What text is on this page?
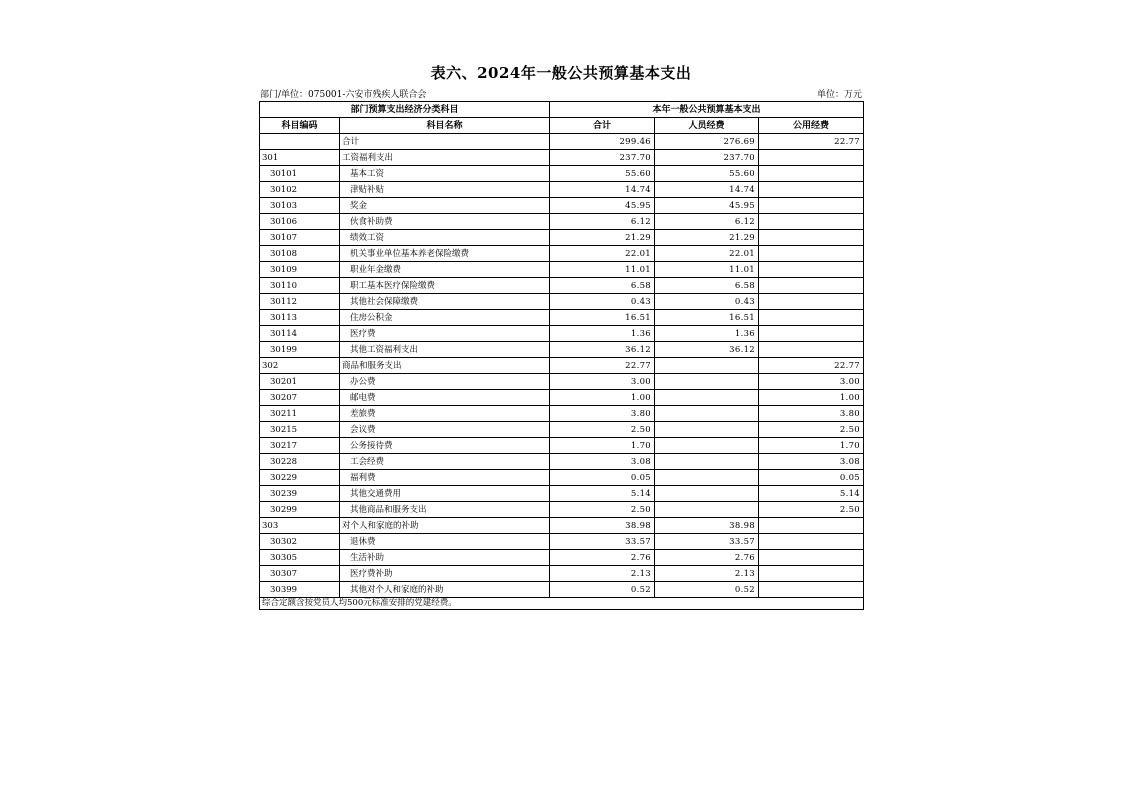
表六、2024年一般公共预算基本支出
部门/单位：075001-六安市残疾人联合会	单位：万元
部门预算支出经济分类科目		本年一般公共预算基本支出		
科目编码	科目名称	合计	人员经费	公用经费
	合计	299.46	276.69	22.77
301	工资福利支出	237.70	237.70	
30101	基本工资	55.60	55.60	
30102	津贴补贴	14.74	14.74	
30103	奖金	45.95	45.95	
30106	伙食补助费	6.12	6.12	
30107	绩效工资	21.29	21.29	
30108	机关事业单位基本养老保险缴费	22.01	22.01	
30109	职业年金缴费	11.01	11.01	
30110	职工基本医疗保险缴费	6.58	6.58	
30112	其他社会保障缴费	0.43	0.43	
30113	住房公积金	16.51	16.51	
30114	医疗费	1.36	1.36	
30199	其他工资福利支出	36.12	36.12	
302	商品和服务支出	22.77		22.77
30201	办公费	3.00		3.00
30207	邮电费	1.00		1.00
30211	差旅费	3.80		3.80
30215	会议费	2.50		2.50
30217	公务接待费	1.70		1.70
30228	工会经费	3.08		3.08
30229	福利费	0.05		0.05
30239	其他交通费用	5.14		5.14
30299	其他商品和服务支出	2.50		2.50
303	对个人和家庭的补助	38.98	38.98	
30302	退休费	33.57	33.57	
30305	生活补助	2.76	2.76	
30307	医疗费补助	2.13	2.13	
30399	其他对个人和家庭的补助	0.52	0.52	
综合定额含按党员人均500元标准安排的党建经费。				
